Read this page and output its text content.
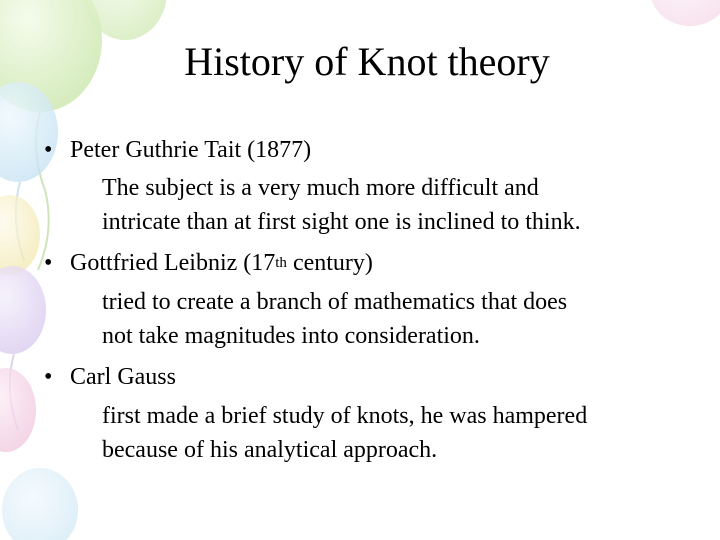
History of Knot theory
• Peter Guthrie Tait (1877)
The subject is a very much more difficult and
intricate than at first sight one is inclined to think.
• Gottfried Leibniz (17th century)
tried to create a branch of mathematics that does
not take magnitudes into consideration.
• Carl Gauss
first made a brief study of knots, he was hampered
because of his analytical approach.
